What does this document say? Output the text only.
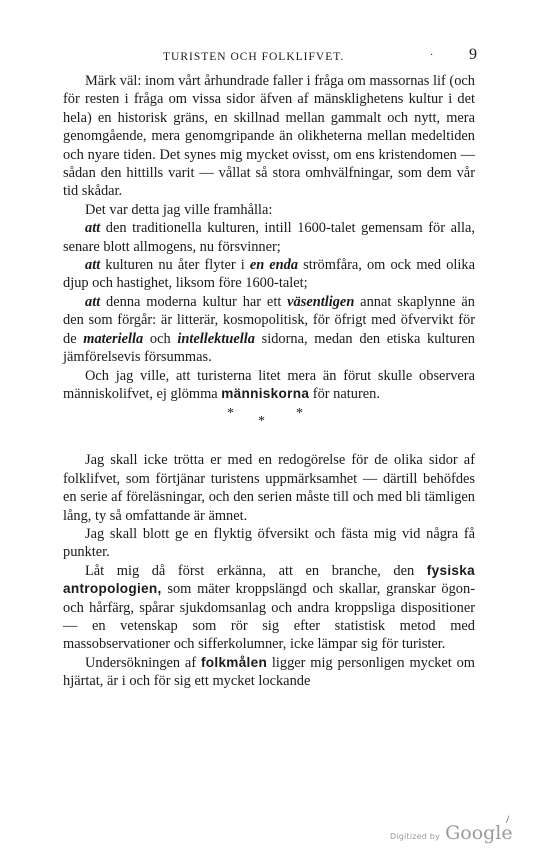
TURISTEN OCH FOLKLIFVET.	· 9

Märk väl: inom vårt århundrade faller i fråga om massornas lif (och för resten i fråga om vissa sidor äfven af mänsklighetens kultur i det hela) en historisk gräns, en skillnad mellan gammalt och nytt, mera genomgående, mera genomgripande än olikheterna mellan medeltiden och nyare tiden. Det synes mig mycket ovisst, om ens kristendomen — sådan den hittills varit — vållat så stora omhvälfningar, som dem vår tid skådar.

Det var detta jag ville framhålla:

att den traditionella kulturen, intill 1600-talet gemensam för alla, senare blott allmogens, nu försvinner;

att kulturen nu åter flyter i en enda strömfåra, om ock med olika djup och hastighet, liksom före 1600-talet;

att denna moderna kultur har ett väsentligen annat skaplynne än den som förgår: är litterär, kosmopolitisk, för öfrigt med öfvervikt för de materiella och intellektuella sidorna, medan den etiska kulturen jämförelsevis försummas.

Och jag ville, att turisterna litet mera än förut skulle observera människolifvet, ej glömma människorna för naturen.

*
*
*

Jag skall icke trötta er med en redogörelse för de olika sidor af folklifvet, som förtjänar turistens uppmärksamhet — därtill behöfdes en serie af föreläsningar, och den serien måste till och med bli tämligen lång, ty så omfattande är ämnet.

Jag skall blott ge en flyktig öfversikt och fästa mig vid några få punkter.

Låt mig då först erkänna, att en branche, den fysiska antropologien, som mäter kroppslängd och skallar, granskar ögon- och hårfärg, spårar sjukdomsanlag och andra kroppsliga dispositioner — en vetenskap som rör sig efter statistisk metod med massobservationer och sifferkolumner, icke lämpar sig för turister.

Undersökningen af folkmålen ligger mig personligen mycket om hjärtat, är i och för sig ett mycket lockande

/
Digitized by Google
